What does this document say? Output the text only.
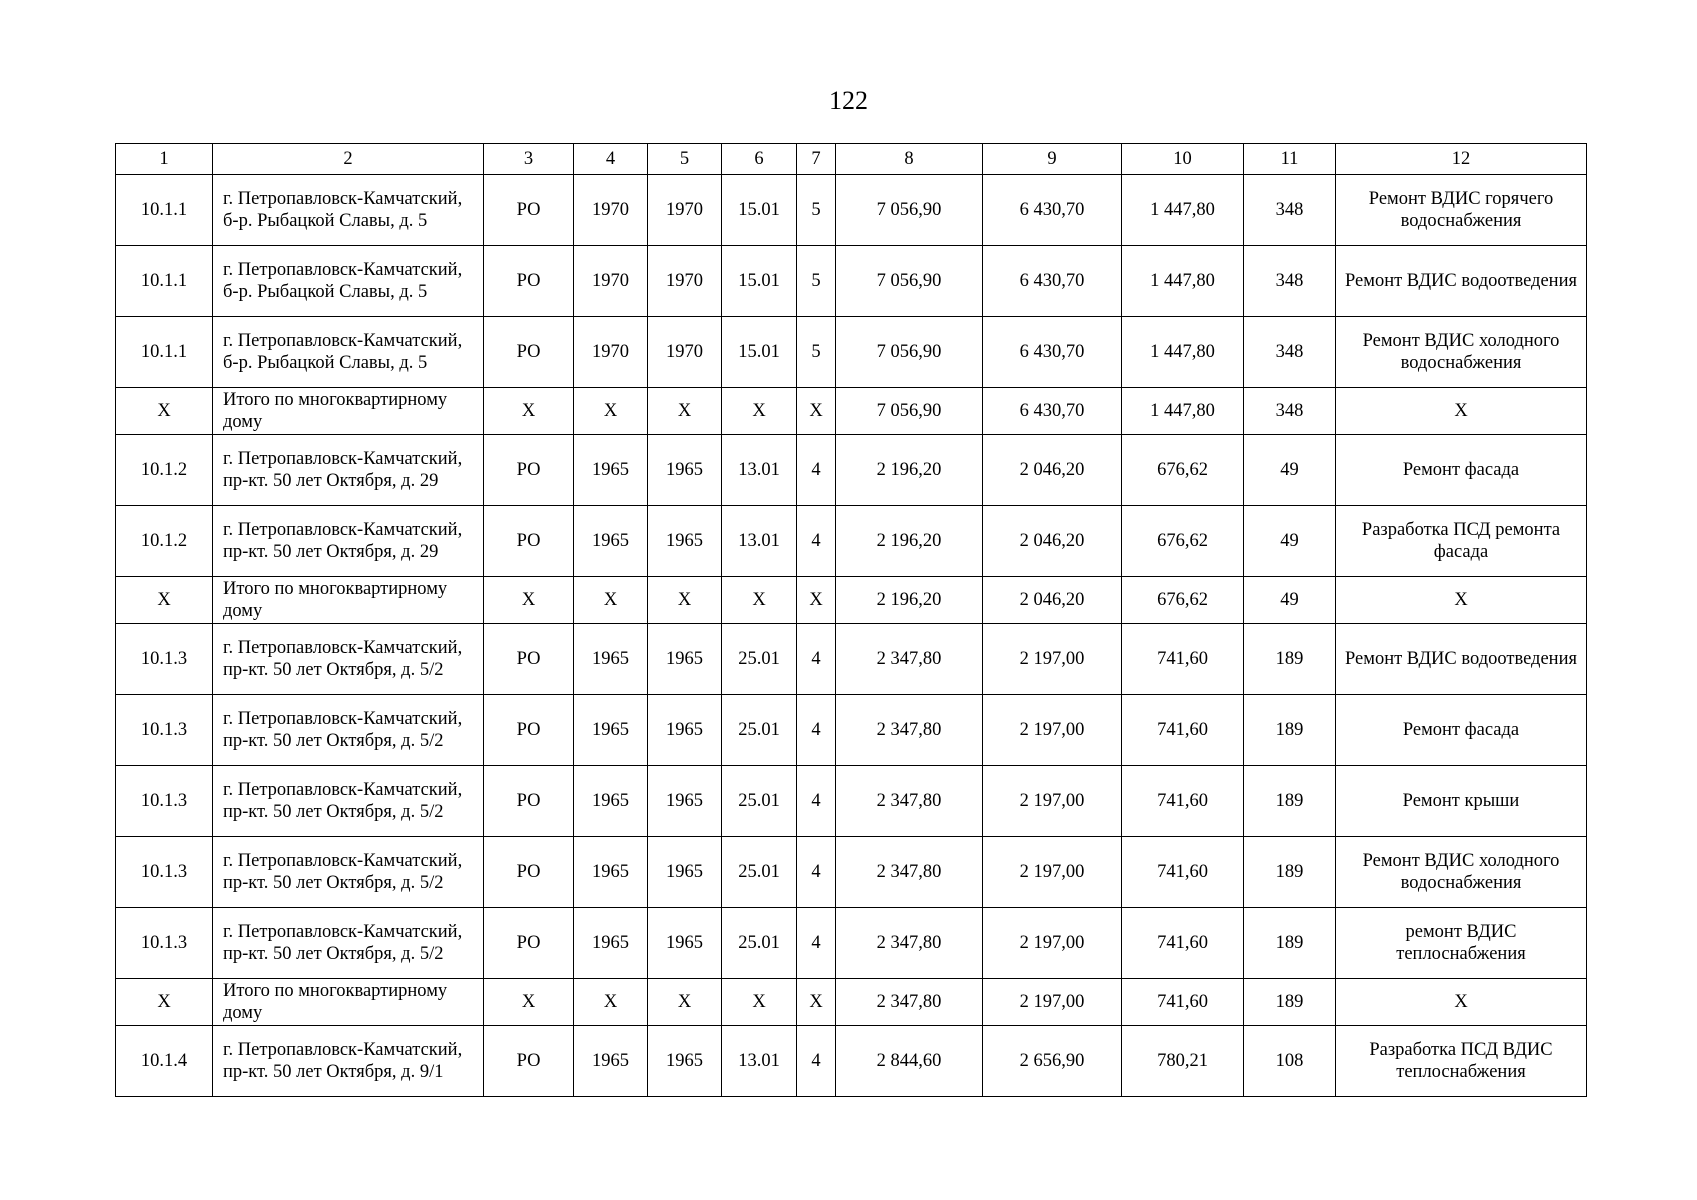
122
1	2	3	4	5	6	7	8	9	10	11	12
10.1.1	г. Петропавловск-Камчатский, б-р. Рыбацкой Славы, д. 5	РО	1970	1970	15.01	5	7 056,90	6 430,70	1 447,80	348	Ремонт ВДИС горячего водоснабжения
10.1.1	г. Петропавловск-Камчатский, б-р. Рыбацкой Славы, д. 5	РО	1970	1970	15.01	5	7 056,90	6 430,70	1 447,80	348	Ремонт ВДИС водоотведения
10.1.1	г. Петропавловск-Камчатский, б-р. Рыбацкой Славы, д. 5	РО	1970	1970	15.01	5	7 056,90	6 430,70	1 447,80	348	Ремонт ВДИС холодного водоснабжения
X	Итого по многоквартирному дому	X	X	X	X	X	7 056,90	6 430,70	1 447,80	348	X
10.1.2	г. Петропавловск-Камчатский, пр-кт. 50 лет Октября, д. 29	РО	1965	1965	13.01	4	2 196,20	2 046,20	676,62	49	Ремонт фасада
10.1.2	г. Петропавловск-Камчатский, пр-кт. 50 лет Октября, д. 29	РО	1965	1965	13.01	4	2 196,20	2 046,20	676,62	49	Разработка ПСД ремонта фасада
X	Итого по многоквартирному дому	X	X	X	X	X	2 196,20	2 046,20	676,62	49	X
10.1.3	г. Петропавловск-Камчатский, пр-кт. 50 лет Октября, д. 5/2	РО	1965	1965	25.01	4	2 347,80	2 197,00	741,60	189	Ремонт ВДИС водоотведения
10.1.3	г. Петропавловск-Камчатский, пр-кт. 50 лет Октября, д. 5/2	РО	1965	1965	25.01	4	2 347,80	2 197,00	741,60	189	Ремонт фасада
10.1.3	г. Петропавловск-Камчатский, пр-кт. 50 лет Октября, д. 5/2	РО	1965	1965	25.01	4	2 347,80	2 197,00	741,60	189	Ремонт крыши
10.1.3	г. Петропавловск-Камчатский, пр-кт. 50 лет Октября, д. 5/2	РО	1965	1965	25.01	4	2 347,80	2 197,00	741,60	189	Ремонт ВДИС холодного водоснабжения
10.1.3	г. Петропавловск-Камчатский, пр-кт. 50 лет Октября, д. 5/2	РО	1965	1965	25.01	4	2 347,80	2 197,00	741,60	189	ремонт ВДИС теплоснабжения
X	Итого по многоквартирному дому	X	X	X	X	X	2 347,80	2 197,00	741,60	189	X
10.1.4	г. Петропавловск-Камчатский, пр-кт. 50 лет Октября, д. 9/1	РО	1965	1965	13.01	4	2 844,60	2 656,90	780,21	108	Разработка ПСД ВДИС теплоснабжения
